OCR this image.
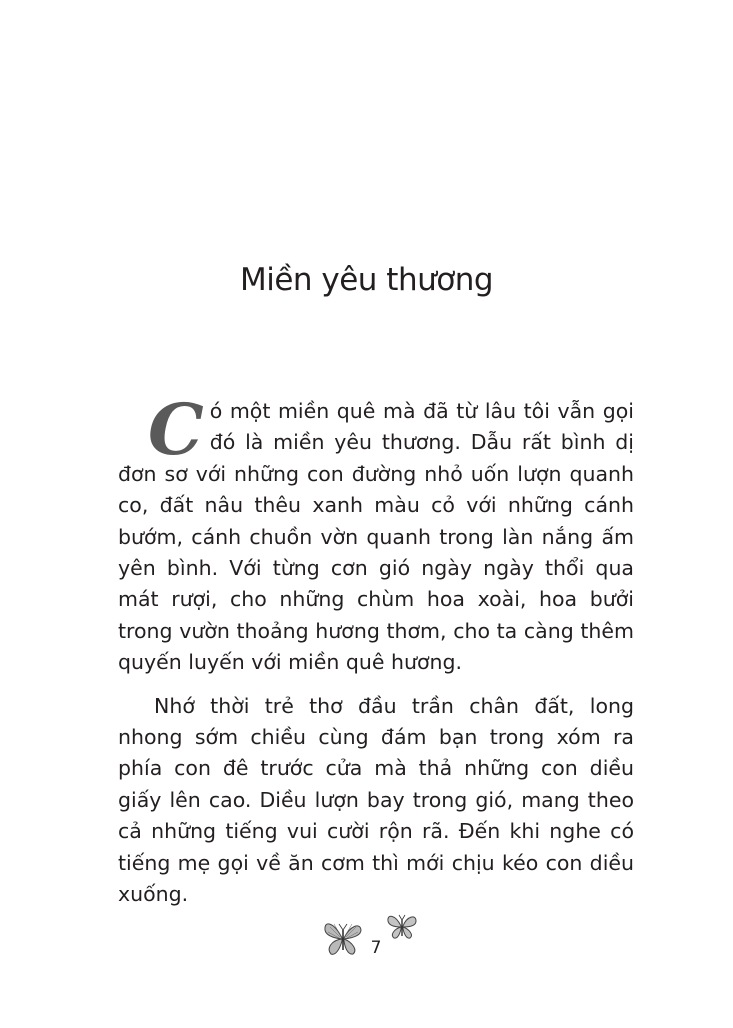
Miền yêu thương

Có một miền quê mà đã từ lâu tôi vẫn gọi đó là miền yêu thương. Dẫu rất bình dị đơn sơ với những con đường nhỏ uốn lượn quanh co, đất nâu thêu xanh màu cỏ với những cánh bướm, cánh chuồn vờn quanh trong làn nắng ấm yên bình. Với từng cơn gió ngày ngày thổi qua mát rượi, cho những chùm hoa xoài, hoa bưởi trong vườn thoảng hương thơm, cho ta càng thêm quyến luyến với miền quê hương.

Nhớ thời trẻ thơ đầu trần chân đất, long nhong sớm chiều cùng đám bạn trong xóm ra phía con đê trước cửa mà thả những con diều giấy lên cao. Diều lượn bay trong gió, mang theo cả những tiếng vui cười rộn rã. Đến khi nghe có tiếng mẹ gọi về ăn cơm thì mới chịu kéo con diều xuống.

7
